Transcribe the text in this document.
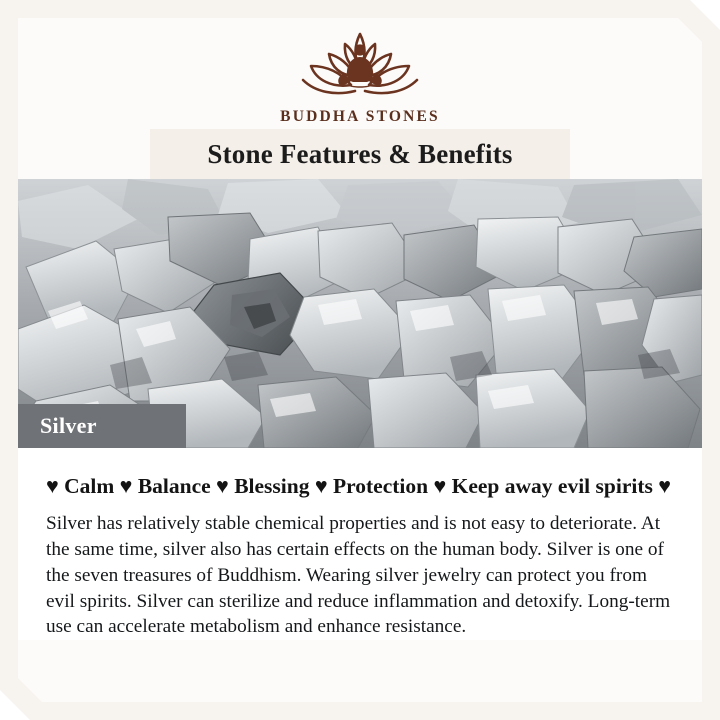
BUDDHA STONES
Stone Features & Benefits
Silver
♥ Calm ♥ Balance ♥ Blessing ♥ Protection ♥ Keep away evil spirits ♥
Silver has relatively stable chemical properties and is not easy to deteriorate. At the same time, silver also has certain effects on the human body. Silver is one of the seven treasures of Buddhism. Wearing silver jewelry can protect you from evil spirits. Silver can sterilize and reduce inflammation and detoxify. Long-term use can accelerate metabolism and enhance resistance.
